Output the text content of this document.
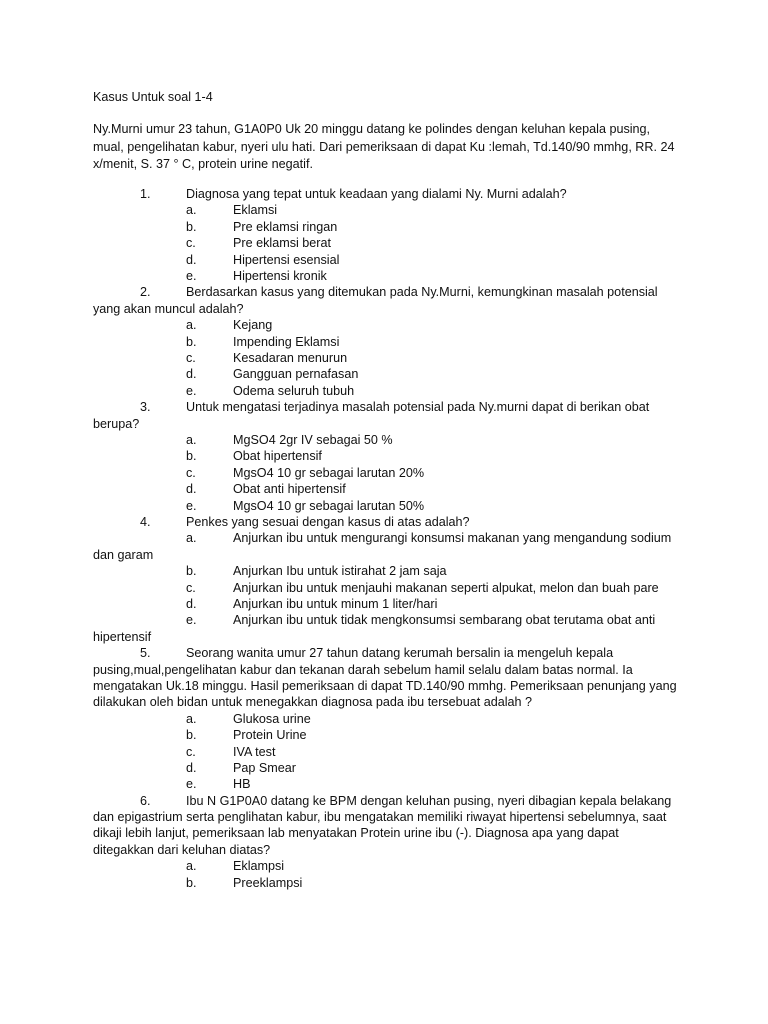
Kasus Untuk soal 1-4
Ny.Murni umur 23 tahun, G1A0P0 Uk 20 minggu datang ke polindes dengan keluhan kepala pusing, mual, pengelihatan kabur, nyeri ulu hati. Dari pemeriksaan di dapat Ku :lemah, Td.140/90 mmhg, RR. 24 x/menit, S. 37 ° C, protein urine negatif.
1.	Diagnosa yang tepat untuk keadaan yang dialami Ny. Murni adalah?
a.	Eklamsi
b.	Pre eklamsi ringan
c.	Pre eklamsi berat
d.	Hipertensi esensial
e.	Hipertensi kronik
2.	Berdasarkan kasus yang ditemukan pada Ny.Murni, kemungkinan masalah potensial yang akan muncul adalah?
a.	Kejang
b.	Impending Eklamsi
c.	Kesadaran menurun
d.	Gangguan pernafasan
e.	Odema seluruh tubuh
3.	Untuk mengatasi terjadinya masalah potensial pada Ny.murni dapat di berikan obat berupa?
a.	MgSO4 2gr IV sebagai 50 %
b.	Obat hipertensif
c.	MgsO4 10 gr sebagai larutan 20%
d.	Obat anti hipertensif
e.	MgsO4 10 gr sebagai larutan 50%
4.	Penkes yang sesuai dengan kasus di atas adalah?
a.	Anjurkan ibu untuk mengurangi konsumsi makanan yang mengandung sodium dan garam
b.	Anjurkan Ibu untuk istirahat 2 jam saja
c.	Anjurkan ibu untuk menjauhi makanan seperti alpukat, melon dan buah pare
d.	Anjurkan ibu untuk minum 1 liter/hari
e.	Anjurkan ibu untuk tidak mengkonsumsi sembarang obat terutama obat anti hipertensif
5.	Seorang wanita umur 27 tahun datang kerumah bersalin ia mengeluh kepala pusing,mual,pengelihatan kabur dan tekanan darah sebelum hamil selalu dalam batas normal. Ia mengatakan Uk.18 minggu. Hasil pemeriksaan di dapat TD.140/90 mmhg. Pemeriksaan penunjang yang dilakukan oleh bidan untuk menegakkan diagnosa pada ibu tersebuat adalah ?
a.	Glukosa urine
b.	Protein Urine
c.	IVA test
d.	Pap Smear
e.	HB
6.	Ibu N G1P0A0 datang ke BPM dengan keluhan pusing, nyeri dibagian kepala belakang dan epigastrium serta penglihatan kabur, ibu mengatakan memiliki riwayat hipertensi sebelumnya, saat dikaji lebih lanjut, pemeriksaan lab menyatakan Protein urine ibu (-). Diagnosa apa yang dapat ditegakkan dari keluhan diatas?
a.	Eklampsi
b.	Preeklampsi
